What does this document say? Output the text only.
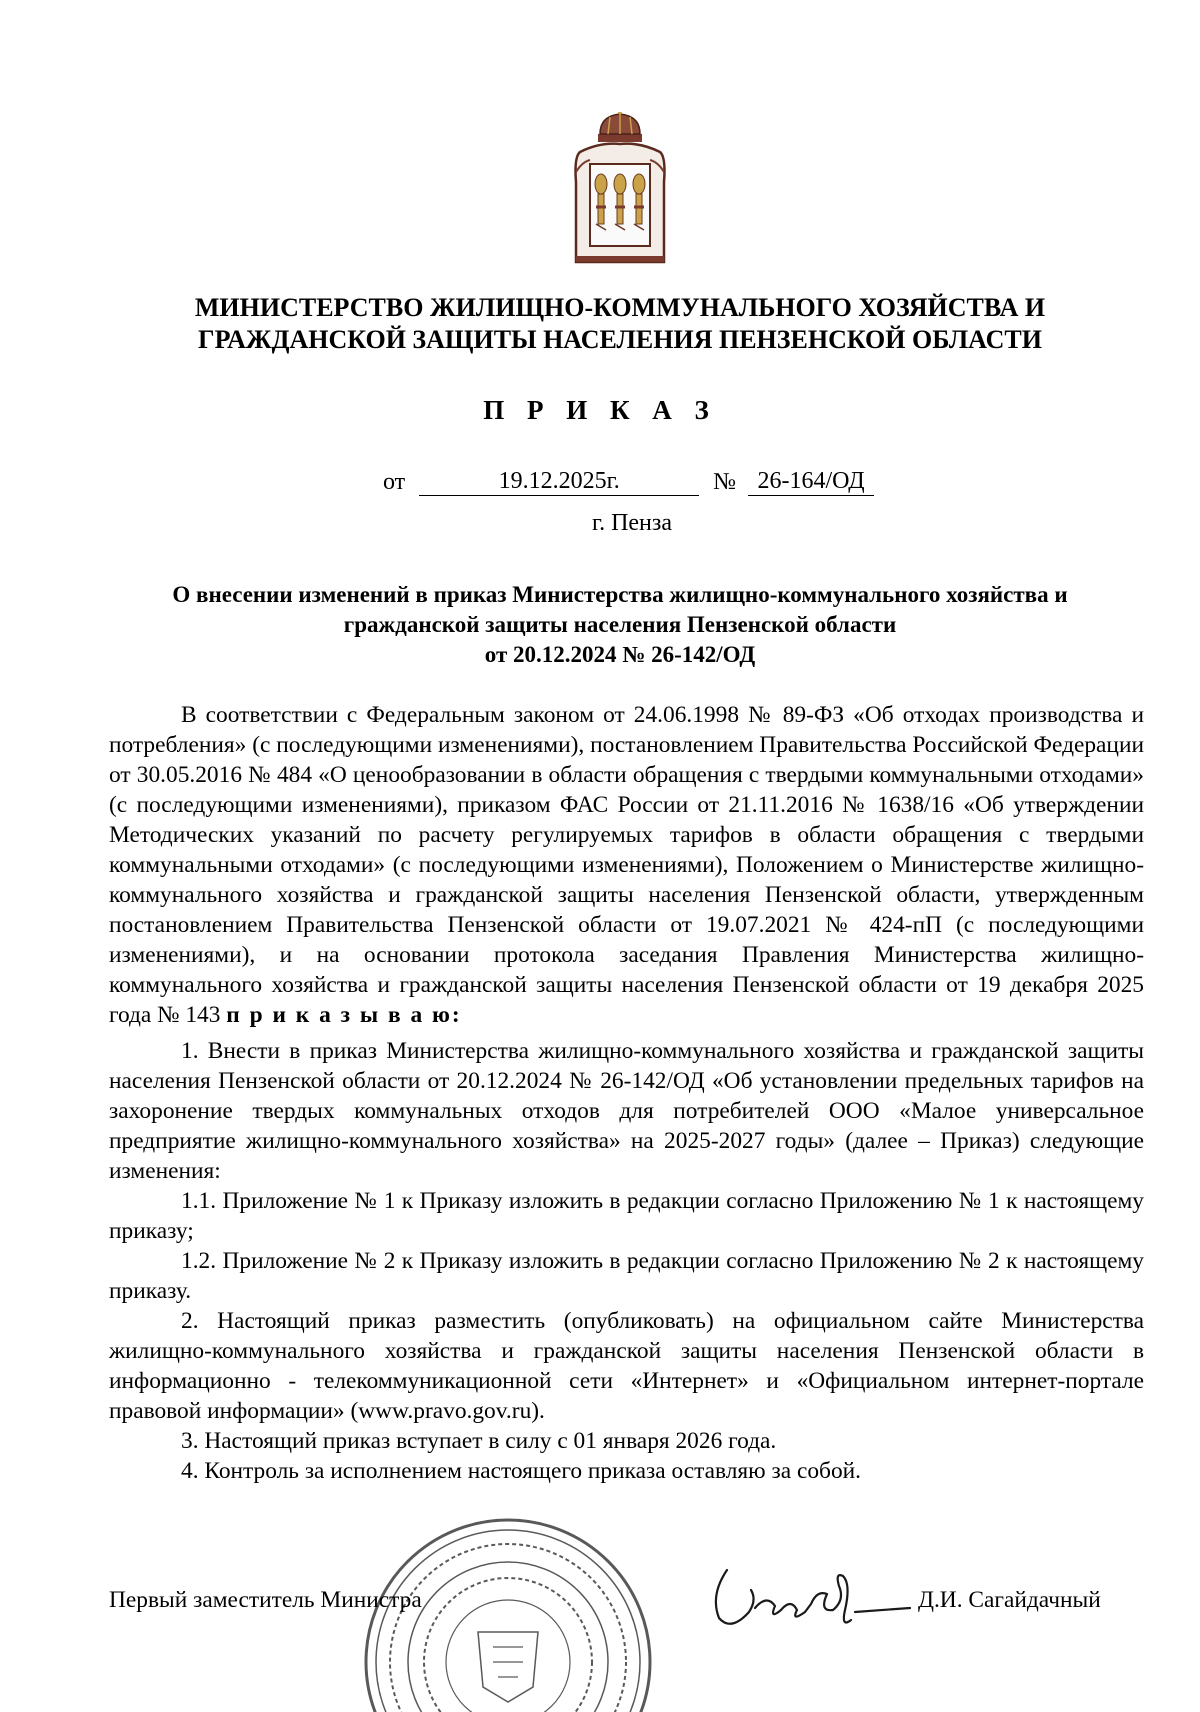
МИНИСТЕРСТВО ЖИЛИЩНО-КОММУНАЛЬНОГО ХОЗЯЙСТВА И
ГРАЖДАНСКОЙ ЗАЩИТЫ НАСЕЛЕНИЯ ПЕНЗЕНСКОЙ ОБЛАСТИ
П Р И К А З
от	19.12.2025г.	№ 26-164/ОД
г. Пенза
О внесении изменений в приказ Министерства жилищно-коммунального хозяйства и
гражданской защиты населения Пензенской области
от 20.12.2024 № 26-142/ОД

В соответствии с Федеральным законом от 24.06.1998 № 89-ФЗ «Об отходах производства и потребления» (с последующими изменениями), постановлением Правительства Российской Федерации от 30.05.2016 № 484 «О ценообразовании в области обращения с твердыми коммунальными отходами» (с последующими изменениями), приказом ФАС России от 21.11.2016 № 1638/16 «Об утверждении Методических указаний по расчету регулируемых тарифов в области обращения с твердыми коммунальными отходами» (с последующими изменениями), Положением о Министерстве жилищно-коммунального хозяйства и гражданской защиты населения Пензенской области, утвержденным постановлением Правительства Пензенской области от 19.07.2021 № 424-пП (с последующими изменениями), и на основании протокола заседания Правления Министерства жилищно-коммунального хозяйства и гражданской защиты населения Пензенской области от 19 декабря 2025 года № 143 п р и к а з ы в а ю:

1. Внести в приказ Министерства жилищно-коммунального хозяйства и гражданской защиты населения Пензенской области от 20.12.2024 № 26-142/ОД «Об установлении предельных тарифов на захоронение твердых коммунальных отходов для потребителей ООО «Малое универсальное предприятие жилищно-коммунального хозяйства» на 2025-2027 годы» (далее – Приказ) следующие изменения:

1.1. Приложение № 1 к Приказу изложить в редакции согласно Приложению № 1 к настоящему приказу;

1.2. Приложение № 2 к Приказу изложить в редакции согласно Приложению № 2 к настоящему приказу.

2. Настоящий приказ разместить (опубликовать) на официальном сайте Министерства жилищно-коммунального хозяйства и гражданской защиты населения Пензенской области в информационно - телекоммуникационной сети «Интернет» и «Официальном интернет-портале правовой информации» (www.pravo.gov.ru).

3. Настоящий приказ вступает в силу с 01 января 2026 года.

4. Контроль за исполнением настоящего приказа оставляю за собой.

Первый заместитель Министра	Д.И. Сагайдачный
